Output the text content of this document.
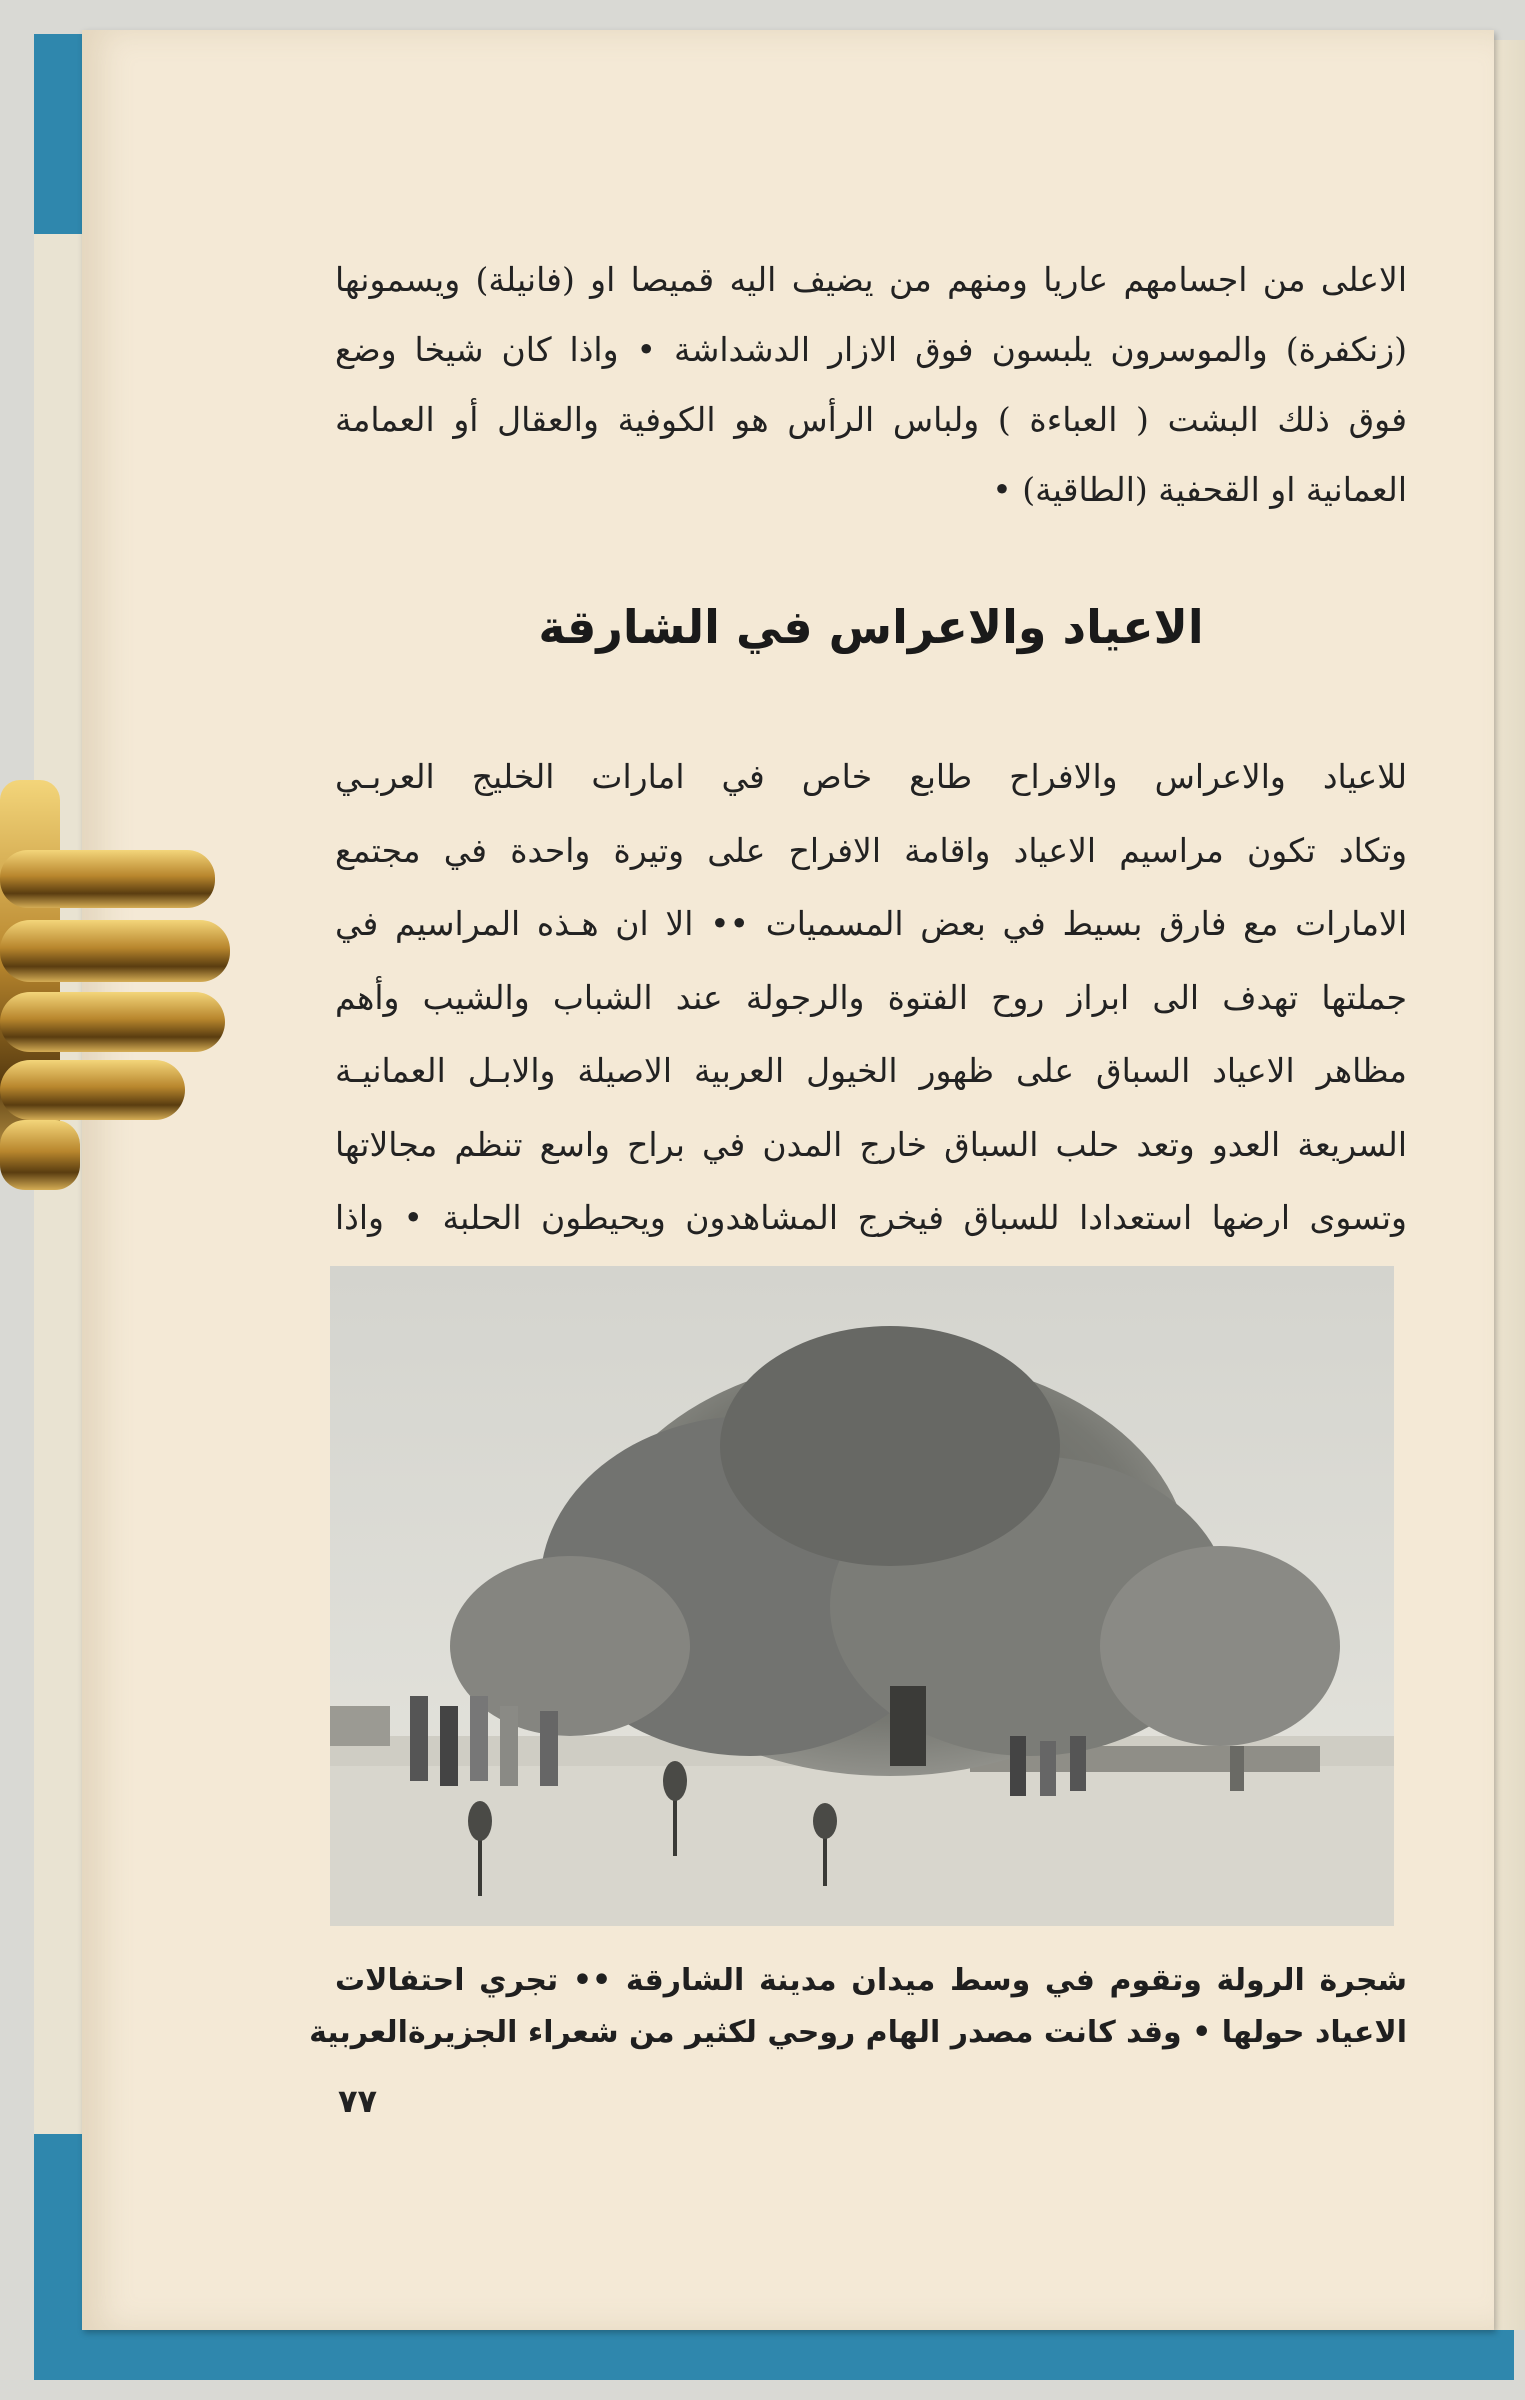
الاعلى من اجسامهم عاريا ومنهم من يضيف اليه قميصا او (فانيلة) ويسمونها
(زنكفرة) والموسرون يلبسون فوق الازار الدشداشة • واذا كان شيخا وضع
فوق ذلك البشت ( العباءة ) ولباس الرأس هو الكوفية والعقال أو العمامة
العمانية او القحفية (الطاقية) •
الاعياد والاعراس في الشارقة
للاعياد والاعراس والافراح طابع خاص في امارات الخليج العربـي
وتكاد تكون مراسيم الاعياد واقامة الافراح على وتيرة واحدة في مجتمع
الامارات مع فارق بسيط في بعض المسميات •• الا ان هـذه المراسيم في
جملتها تهدف الى ابراز روح الفتوة والرجولة عند الشباب والشيب وأهم
مظاهر الاعياد السباق على ظهور الخيول العربية الاصيلة والابـل العمانيـة
السريعة العدو وتعد حلب السباق خارج المدن في براح واسع تنظم مجالاتها
وتسوى ارضها استعدادا للسباق فيخرج المشاهدون ويحيطون الحلبة • واذا
شجرة الرولة وتقوم في وسط ميدان مدينة الشارقة •• تجري احتفالات
الاعياد حولها • وقد كانت مصدر الهام روحي لكثير من شعراء الجزيرةالعربية
٧٧
